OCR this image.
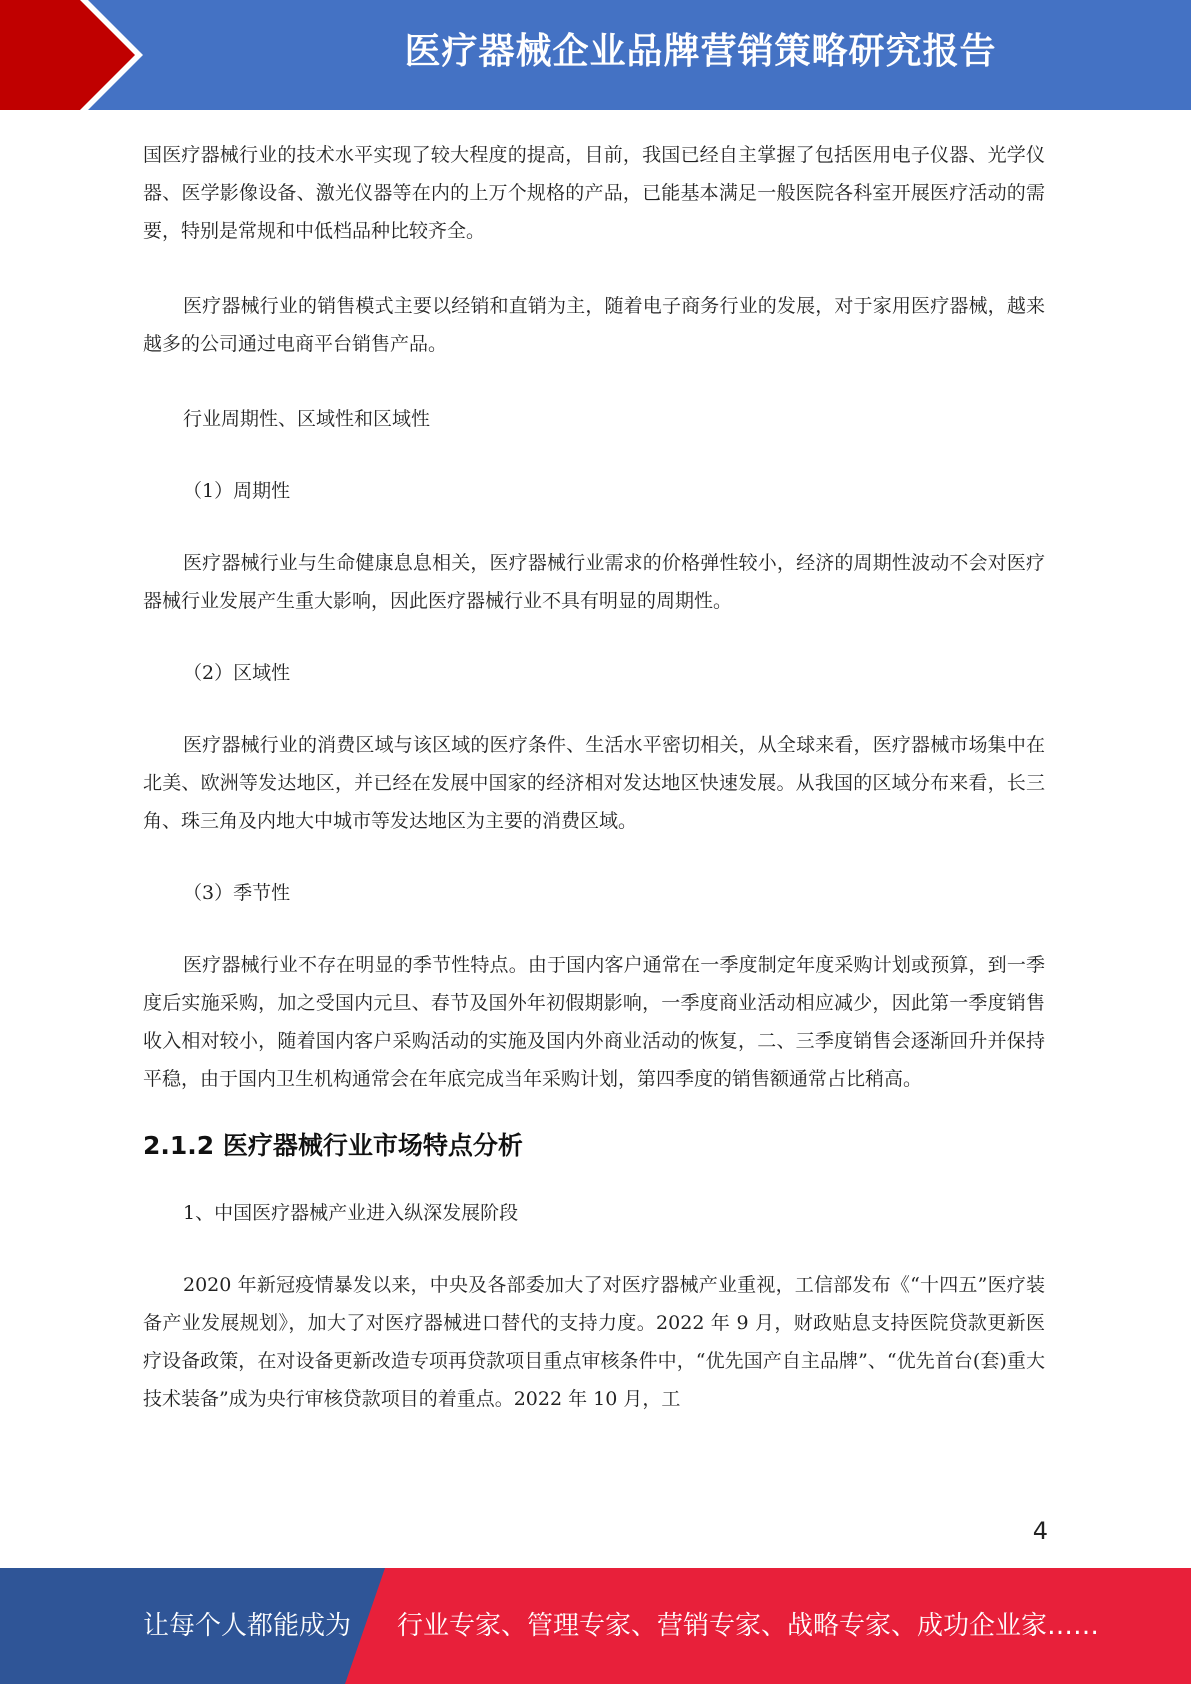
医疗器械企业品牌营销策略研究报告

国医疗器械行业的技术水平实现了较大程度的提高，目前，我国已经自主掌握了包括医用电子仪器、光学仪器、医学影像设备、激光仪器等在内的上万个规格的产品，已能基本满足一般医院各科室开展医疗活动的需要，特别是常规和中低档品种比较齐全。

医疗器械行业的销售模式主要以经销和直销为主，随着电子商务行业的发展，对于家用医疗器械，越来越多的公司通过电商平台销售产品。

行业周期性、区域性和区域性

（1）周期性

医疗器械行业与生命健康息息相关，医疗器械行业需求的价格弹性较小，经济的周期性波动不会对医疗器械行业发展产生重大影响，因此医疗器械行业不具有明显的周期性。

（2）区域性

医疗器械行业的消费区域与该区域的医疗条件、生活水平密切相关，从全球来看，医疗器械市场集中在北美、欧洲等发达地区，并已经在发展中国家的经济相对发达地区快速发展。从我国的区域分布来看，长三角、珠三角及内地大中城市等发达地区为主要的消费区域。

（3）季节性

医疗器械行业不存在明显的季节性特点。由于国内客户通常在一季度制定年度采购计划或预算，到一季度后实施采购，加之受国内元旦、春节及国外年初假期影响，一季度商业活动相应减少，因此第一季度销售收入相对较小，随着国内客户采购活动的实施及国内外商业活动的恢复，二、三季度销售会逐渐回升并保持平稳，由于国内卫生机构通常会在年底完成当年采购计划，第四季度的销售额通常占比稍高。

2.1.2 医疗器械行业市场特点分析

1、中国医疗器械产业进入纵深发展阶段

2020 年新冠疫情暴发以来，中央及各部委加大了对医疗器械产业重视，工信部发布《“十四五”医疗装备产业发展规划》，加大了对医疗器械进口替代的支持力度。2022 年 9 月，财政贴息支持医院贷款更新医疗设备政策，在对设备更新改造专项再贷款项目重点审核条件中，“优先国产自主品牌”、“优先首台(套)重大技术装备”成为央行审核贷款项目的着重点。2022 年 10 月，工

4
让每个人都能成为 行业专家、管理专家、营销专家、战略专家、成功企业家……
